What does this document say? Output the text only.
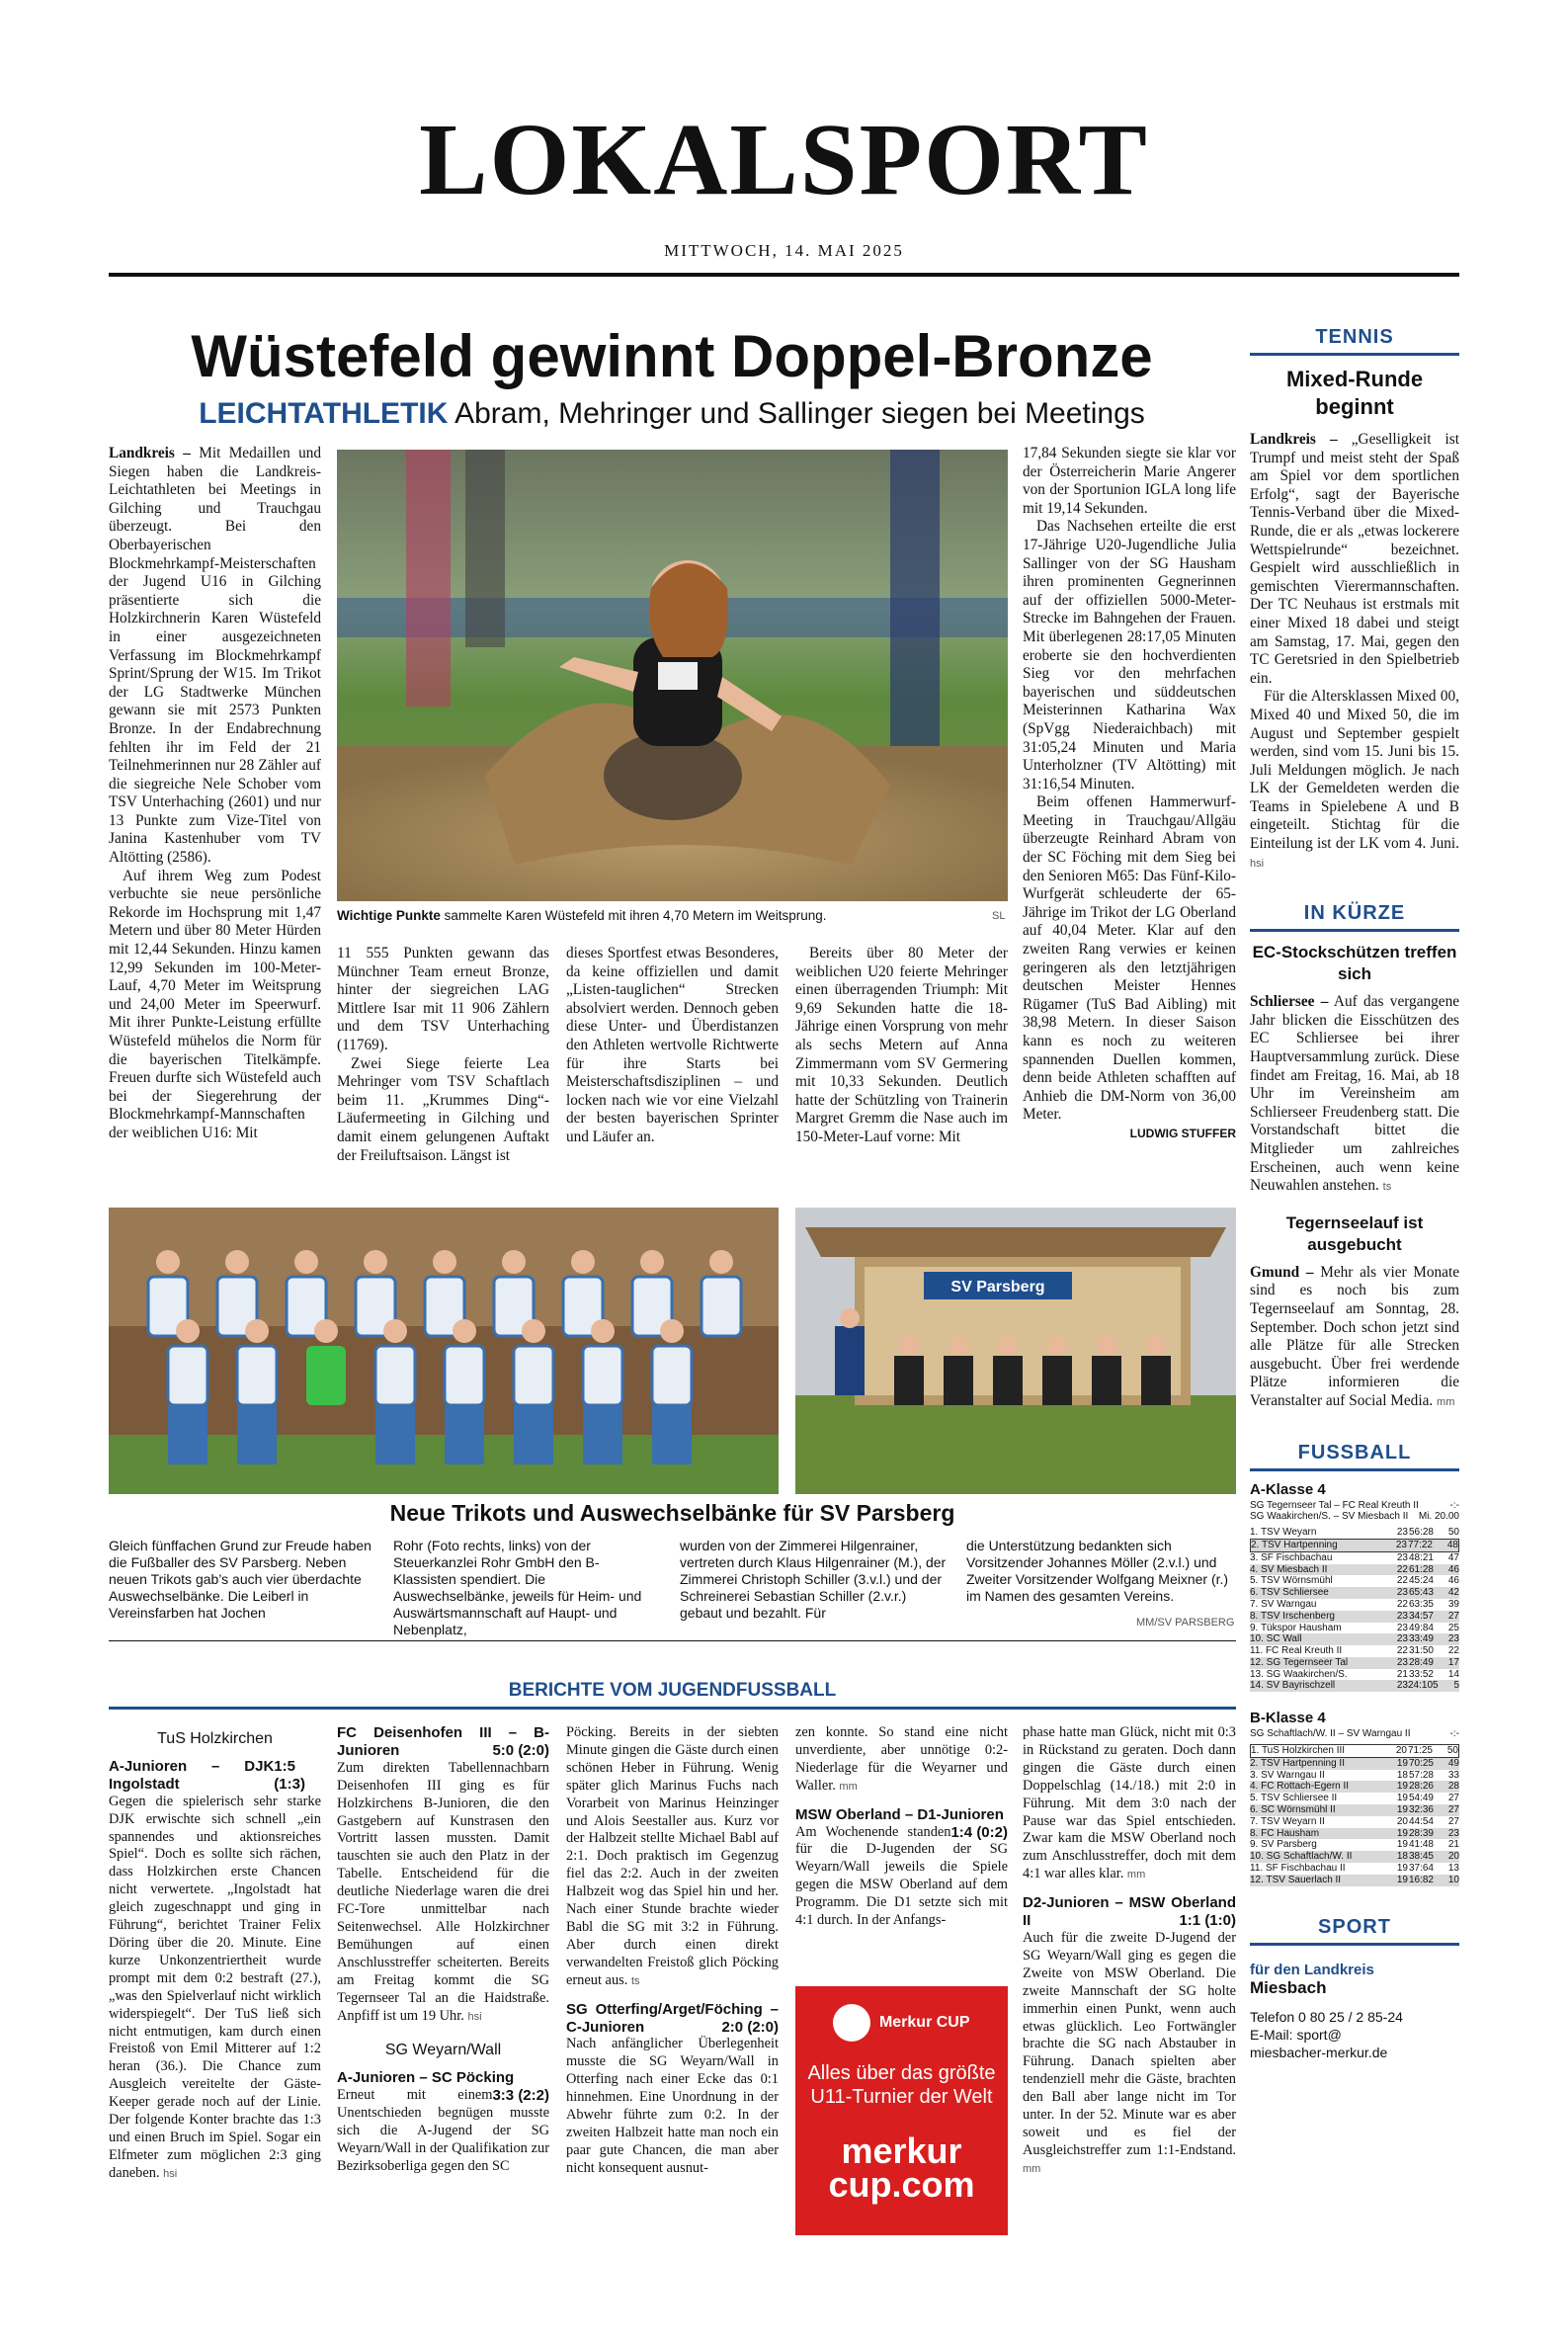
LOKALSPORT
MITTWOCH, 14. MAI 2025
Wüstefeld gewinnt Doppel-Bronze
LEICHTATHLETIK Abram, Mehringer und Sallinger siegen bei Meetings

Landkreis – Mit Medaillen und Siegen haben die Landkreis-Leichtathleten bei Meetings in Gilching und Trauchgau überzeugt. Bei den Oberbayerischen Blockmehrkampf-Meisterschaften der Jugend U16 in Gilching präsentierte sich die Holzkirchnerin Karen Wüstefeld in einer ausgezeichneten Verfassung im Blockmehrkampf Sprint/Sprung der W15. Im Trikot der LG Stadtwerke München gewann sie mit 2573 Punkten Bronze. In der Endabrechnung fehlten ihr im Feld der 21 Teilnehmerinnen nur 28 Zähler auf die siegreiche Nele Schober vom TSV Unterhaching (2601) und nur 13 Punkte zum Vize-Titel von Janina Kastenhuber vom TV Altötting (2586).

Auf ihrem Weg zum Podest verbuchte sie neue persönliche Rekorde im Hochsprung mit 1,47 Metern und über 80 Meter Hürden mit 12,44 Sekunden. Hinzu kamen 12,99 Sekunden im 100-Meter-Lauf, 4,70 Meter im Weitsprung und 24,00 Meter im Speerwurf. Mit ihrer Punkte-Leistung erfüllte Wüstefeld mühelos die Norm für die bayerischen Titelkämpfe. Freuen durfte sich Wüstefeld auch bei der Siegerehrung der Blockmehrkampf-Mannschaften der weiblichen U16: Mit

Wichtige Punkte sammelte Karen Wüstefeld mit ihren 4,70 Metern im Weitsprung.	SL

11 555 Punkten gewann das Münchner Team erneut Bronze, hinter der siegreichen LAG Mittlere Isar mit 11 906 Zählern und dem TSV Unterhaching (11769).

Zwei Siege feierte Lea Mehringer vom TSV Schaftlach beim 11. „Krummes Ding“-Läufermeeting in Gilching und damit einem gelungenen Auftakt der Freiluftsaison. Längst ist

dieses Sportfest etwas Besonderes, da keine offiziellen und damit „Listen-tauglichen“ Strecken absolviert werden. Dennoch geben diese Unter- und Überdistanzen den Athleten wertvolle Richtwerte für ihre Starts bei Meisterschaftsdisziplinen – und locken nach wie vor eine Vielzahl der besten bayerischen Sprinter und Läufer an.

Bereits über 80 Meter der weiblichen U20 feierte Mehringer einen überragenden Triumph: Mit 9,69 Sekunden hatte die 18-Jährige einen Vorsprung von mehr als sechs Metern auf Anna Zimmermann vom SV Germering mit 10,33 Sekunden. Deutlich hatte der Schützling von Trainerin Margret Gremm die Nase auch im 150-Meter-Lauf vorne: Mit

17,84 Sekunden siegte sie klar vor der Österreicherin Marie Angerer von der Sportunion IGLA long life mit 19,14 Sekunden.

Das Nachsehen erteilte die erst 17-Jährige U20-Jugendliche Julia Sallinger von der SG Hausham ihren prominenten Gegnerinnen auf der offiziellen 5000-Meter-Strecke im Bahngehen der Frauen. Mit überlegenen 28:17,05 Minuten eroberte sie den hochverdienten Sieg vor den mehrfachen bayerischen und süddeutschen Meisterinnen Katharina Wax (SpVgg Niederaichbach) mit 31:05,24 Minuten und Maria Unterholzner (TV Altötting) mit 31:16,54 Minuten.

Beim offenen Hammerwurf-Meeting in Trauchgau/Allgäu überzeugte Reinhard Abram von der SC Föching mit dem Sieg bei den Senioren M65: Das Fünf-Kilo-Wurfgerät schleuderte der 65-Jährige im Trikot der LG Oberland auf 40,04 Meter. Klar auf den zweiten Rang verwies er keinen geringeren als den letztjährigen deutschen Meister Hennes Rügamer (TuS Bad Aibling) mit 38,98 Metern. In dieser Saison kann es noch zu weiteren spannenden Duellen kommen, denn beide Athleten schafften auf Anhieb die DM-Norm von 36,00 Meter.

LUDWIG STUFFER

SV Parsberg
Neue Trikots und Auswechselbänke für SV Parsberg
Gleich fünffachen Grund zur Freude haben die Fußballer des SV Parsberg. Neben neuen Trikots gab’s auch vier überdachte Auswechselbänke. Die Leiberl in Vereinsfarben hat Jochen
Rohr (Foto rechts, links) von der Steuerkanzlei Rohr GmbH den B-Klassisten spendiert. Die Auswechselbänke, jeweils für Heim- und Auswärtsmannschaft auf Haupt- und Nebenplatz,
wurden von der Zimmerei Hilgenrainer, vertreten durch Klaus Hilgenrainer (M.), der Zimmerei Christoph Schiller (3.v.l.) und der Schreinerei Sebastian Schiller (2.v.r.) gebaut und bezahlt. Für
die Unterstützung bedankten sich Vorsitzender Johannes Möller (2.v.l.) und Zweiter Vorsitzender Wolfgang Meixner (r.) im Namen des gesamten Vereins.
MM/SV PARSBERG
BERICHTE VOM JUGENDFUSSBALL
TuS Holzkirchen
A-Junioren – DJK Ingolstadt
1:5 (1:3)

Gegen die spielerisch sehr starke DJK erwischte sich schnell „ein spannendes und aktionsreiches Spiel“. Doch es sollte sich rächen, dass Holzkirchen erste Chancen nicht verwertete. „Ingolstadt hat gleich zugeschnappt und ging in Führung“, berichtet Trainer Felix Döring über die 20. Minute. Eine kurze Unkonzentriertheit wurde prompt mit dem 0:2 bestraft (27.), „was den Spielverlauf nicht wirklich widerspiegelt“. Der TuS ließ sich nicht entmutigen, kam durch einen Freistoß von Emil Mitterer auf 1:2 heran (36.). Die Chance zum Ausgleich vereitelte der Gäste-Keeper gerade noch auf der Linie. Der folgende Konter brachte das 1:3 und einen Bruch im Spiel. Sogar ein Elfmeter zum möglichen 2:3 ging daneben. hsi

FC Deisenhofen III – B-Junioren	5:0 (2:0)

Zum direkten Tabellennachbarn Deisenhofen III ging es für Holzkirchens B-Junioren, die den Gastgebern auf Kunstrasen den Vortritt lassen mussten. Damit tauschten sie auch den Platz in der Tabelle. Entscheidend für die deutliche Niederlage waren die drei FC-Tore unmittelbar nach Seitenwechsel. Alle Holzkirchner Bemühungen auf einen Anschlusstreffer scheiterten. Bereits am Freitag kommt die SG Tegernseer Tal an die Haidstraße. Anpfiff ist um 19 Uhr. hsi

SG Weyarn/Wall
A-Junioren – SC Pöcking
3:3 (2:2)

Erneut mit einem Unentschieden begnügen musste sich die A-Jugend der SG Weyarn/Wall in der Qualifikation zur Bezirksoberliga gegen den SC

Pöcking. Bereits in der siebten Minute gingen die Gäste durch einen schönen Heber in Führung. Wenig später glich Marinus Fuchs nach Vorarbeit von Marinus Heinzinger und Alois Seestaller aus. Kurz vor der Halbzeit stellte Michael Babl auf 2:1. Doch praktisch im Gegenzug fiel das 2:2. Auch in der zweiten Halbzeit wog das Spiel hin und her. Nach einer Stunde brachte wieder Babl die SG mit 3:2 in Führung. Aber durch einen direkt verwandelten Freistoß glich Pöcking erneut aus. ts

SG Otterfing/Arget/Föching – C-Junioren	2:0 (2:0)

Nach anfänglicher Überlegenheit musste die SG Weyarn/Wall in Otterfing nach einer Ecke das 0:1 hinnehmen. Eine Unordnung in der Abwehr führte zum 0:2. In der zweiten Halbzeit hatte man noch ein paar gute Chancen, die man aber nicht konsequent ausnut-

zen konnte. So stand eine nicht unverdiente, aber unnötige 0:2-Niederlage für die Weyarner und Waller. mm

MSW Oberland – D1-Junioren
1:4 (0:2)

Am Wochenende standen für die D-Jugenden der SG Weyarn/Wall jeweils die Spiele gegen die MSW Oberland auf dem Programm. Die D1 setzte sich mit 4:1 durch. In der Anfangs-

Merkur CUP
Alles über das größte U11-Turnier der Welt
merkur
cup.com

phase hatte man Glück, nicht mit 0:3 in Rückstand zu geraten. Doch dann gingen die Gäste durch einen Doppelschlag (14./18.) mit 2:0 in Führung. Mit dem 3:0 nach der Pause war das Spiel entschieden. Zwar kam die MSW Oberland noch zum Anschlusstreffer, doch mit dem 4:1 war alles klar. mm

D2-Junioren – MSW Oberland II	1:1 (1:0)

Auch für die zweite D-Jugend der SG Weyarn/Wall ging es gegen die Zweite von MSW Oberland. Die zweite Mannschaft der SG holte immerhin einen Punkt, wenn auch etwas glücklich. Leo Fortwängler brachte die SG nach Abstauber in Führung. Danach spielten aber tendenziell mehr die Gäste, brachten den Ball aber lange nicht im Tor unter. In der 52. Minute war es aber soweit und es fiel der Ausgleichstreffer zum 1:1-Endstand. mm

TENNIS
Mixed-Runde beginnt

Landkreis – „Geselligkeit ist Trumpf und meist steht der Spaß am Spiel vor dem sportlichen Erfolg“, sagt der Bayerische Tennis-Verband über die Mixed-Runde, die er als „etwas lockerere Wettspielrunde“ bezeichnet. Gespielt wird ausschließlich in gemischten Vierermannschaften. Der TC Neuhaus ist erstmals mit einer Mixed 18 dabei und steigt am Samstag, 17. Mai, gegen den TC Geretsried in den Spielbetrieb ein.

Für die Altersklassen Mixed 00, Mixed 40 und Mixed 50, die im August und September gespielt werden, sind vom 15. Juni bis 15. Juli Meldungen möglich. Je nach LK der Gemeldeten werden die Teams in Spielebene A und B eingeteilt. Stichtag für die Einteilung ist der LK vom 4. Juni. hsi

IN KÜRZE
EC-Stockschützen treffen sich

Schliersee – Auf das vergangene Jahr blicken die Eisschützen des EC Schliersee bei ihrer Hauptversammlung zurück. Diese findet am Freitag, 16. Mai, ab 18 Uhr im Vereinsheim am Schlierseer Freudenberg statt. Die Vorstandschaft bittet die Mitglieder um zahlreiches Erscheinen, auch wenn keine Neuwahlen anstehen. ts

Tegernseelauf ist ausgebucht

Gmund – Mehr als vier Monate sind es noch bis zum Tegernseelauf am Sonntag, 28. September. Doch schon jetzt sind alle Plätze für alle Strecken ausgebucht. Über frei werdende Plätze informieren die Veranstalter auf Social Media. mm

FUSSBALL
A-Klasse 4
SG Tegernseer Tal – FC Real Kreuth II	-:-
SG Waakirchen/S. – SV Miesbach II	Mi. 20.00
1. TSV Weyarn	23 56:28	50
2. TSV Hartpenning	23 77:22	48
3. SF Fischbachau	23 48:21	47
4. SV Miesbach II	22 61:28	46
5. TSV Wörnsmühl	22 45:24	46
6. TSV Schliersee	23 65:43	42
7. SV Warngau	22 63:35	39
8. TSV Irschenberg	23 34:57	27
9. Tükspor Hausham	23 49:84	25
10. SC Wall	23 33:49	23
11. FC Real Kreuth II	22 31:50	22
12. SG Tegernseer Tal	23 28:49	17
13. SG Waakirchen/S.	21 33:52	14
14. SV Bayrischzell	23 24:105	5
B-Klasse 4
SG Schaftlach/W. II – SV Warngau II	-:-
1. TuS Holzkirchen III	20 71:25	50
2. TSV Hartpenning II	19 70:25	49
3. SV Warngau II	18 57:28	33
4. FC Rottach-Egern II	19 28:26	28
5. TSV Schliersee II	19 54:49	27
6. SC Wörnsmühl II	19 32:36	27
7. TSV Weyarn II	20 44:54	27
8. FC Hausham	19 28:39	23
9. SV Parsberg	19 41:48	21
10. SG Schaftlach/W. II	18 38:45	20
11. SF Fischbachau II	19 37:64	13
12. TSV Sauerlach II	19 16:82	10
SPORT
für den Landkreis
Miesbach
Telefon 0 80 25 / 2 85-24
E-Mail: sport@
miesbacher-merkur.de
